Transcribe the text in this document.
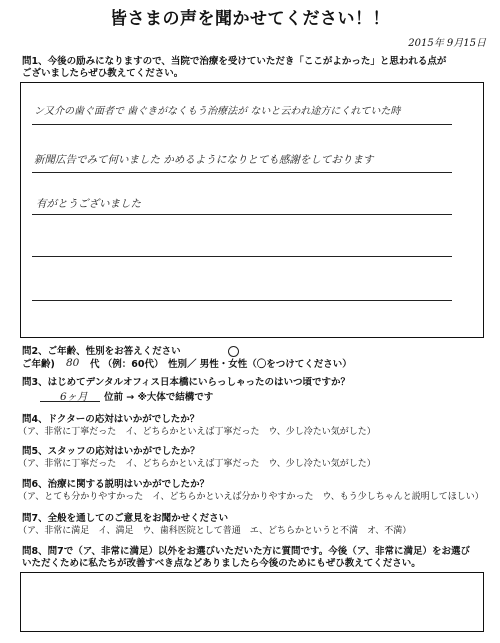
皆さまの声を聞かせてください！！
2015年 9月15日
問1、今後の励みになりますので、当院で治療を受けていただき「ここがよかった」と思われる点が
ございましたらぜひ教えてください。
ン又介の歯ぐ面者で 歯ぐきがなくもう治療法が ないと云われ途方にくれていた時
新聞広告でみて何いました かめるようになりとても感謝をしております
有がとうございました
問2、ご年齢、性別をお答えください
ご年齢) 80 代 （例：60代） 性別／ 男性・女性（〇をつけてください）
問3、はじめてデンタルオフィス日本橋にいらっしゃったのはいつ頃ですか？
6ヶ月 位前 → ※大体で結構です
問4、ドクターの応対はいかがでしたか？
（ア、非常に丁寧だった　イ、どちらかといえば丁寧だった　ウ、少し冷たい気がした）
問5、スタッフの応対はいかがでしたか？
（ア、非常に丁寧だった　イ、どちらかといえば丁寧だった　ウ、少し冷たい気がした）
問6、治療に関する説明はいかがでしたか？
（ア、とても分かりやすかった　イ、どちらかといえば分かりやすかった　ウ、もう少しちゃんと説明してほしい）
問7、全般を通してのご意見をお聞かせください
（ア、非常に満足　イ、満足　ウ、歯科医院として普通　エ、どちらかというと不満　オ、不満）
問8、問7で（ア、非常に満足）以外をお選びいただいた方に質問です。今後（ア、非常に満足）をお選び
いただくために私たちが改善すべき点などありましたら今後のためにもぜひ教えてください。
